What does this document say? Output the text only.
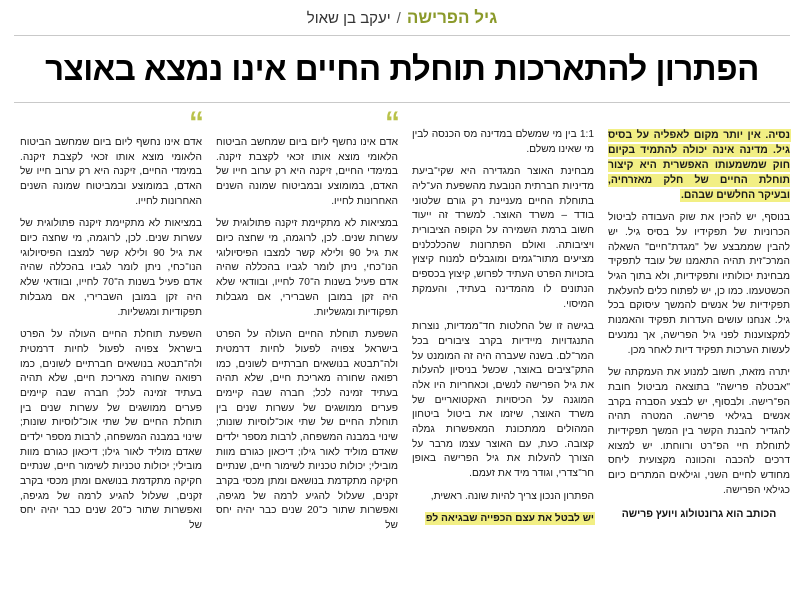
גיל הפרישה
/
יעקב בן שאול
הפתרון להתארכות תוחלת החיים אינו נמצא באוצר

נסיה. אין יותר מקום לאפליה על בסיס גיל. מדינה אינה יכולה להתמיד בקיום חוק שמשמעותו האפשרית היא קיצור תוחלת החיים של חלק מאזרחיה, ובעיקר החלשים שבהם.

בנוסף, יש להכין את שוק העבודה לביטול הכרוניות של תפקידיו על בסיס גיל. יש להבין שממבצע של "מגדת־חיים" השאלה המרכ־זית תהיה התאמנו של עובד לתפקיד מבחינת יכולותיו ותפקידיות, ולא בתוך הגיל הכשטעמו. כמו כן, יש לפתוח כלים להעלאת תפקידיות של אנשים להמשך עיסוקם בכל גיל. אנחנו עושים העדרות תפקיד והאמנות למקצוענות לפני גיל הפרישה, אך נמנעים לעשות הערכות תפקיד דיות לאחר מכן.

יתרה מזאת, חשוב למנוע את העמקתה של "אבטלה פרישה" בתוצאה מביטול חובת הפ־רישה. ולבסוף, יש לבצע הסברה בקרב אנשים בגילאי פרישה. המטרה תהיה להגדיר להבנת הקשר בין המשך תפקידיות לתוחלת חיי הפ־רט ורווחתו. יש למצוא דרכים להכבה והכוונה מקצועית ליחס מחודש לחיים השני, וגילאים המתרים כיום כגילאי הפרישה.

הכותב הוא גרונטולוג ויועץ פרישה

1:1 בין מי שמשלם במדינה מס הכנסה לבין מי שאינו משלם.

מבחינת האוצר המגדירה היא שקי־ביעת מדיניות חברתית הנובעת מהשפעת הע־ליה בתוחלת החיים מעניינת רק גורם שלטוני בודד – משרד האוצר. למשרד זה ייעוד חשוב ברמת השמירה על הקופה הציבורית ויציבותה. ואולם הפתרונות שהכלכלנים מציעים מתור־גמים ומוגבלים למנוח קיצוץ בזכויות הפרט העתיד לפרוש, קיצוץ בכספים הנתונים לו מהמדינה בעתיד, והעמקת המיסוי.

בגישה זו של החלטות חד־ממדיות, נוצרות התנגדויות מיידיות בקרב ציבורים בכל המר־לם. בשנה שעברה היה זה המומנט על התק־ציבים באוצר, שכשל בניסיון להעלות את גיל הפרישה לנשים, וכאחריות היו אלה המוגנה על הכיסויות האקטואריים של משרד האוצר, שיזמו את ביטול ביטחון המהולים ממתכונת המאפשרות גמלה קצובה. כעת, עם האוצר עצמו מרבר על הצורך להעלות את גיל הפרישה באופן חר־צדרי, וגודר מיד את זעמם.

הפתרון הנכון צריך להיות שונה. ראשית,

יש לבטל את עצם הכפייה שבגיאה לפ

“

אדם אינו נחשף ליום ביום שמחשב הביטוח הלאומי מוצא אותו זכאי לקצבת זיקנה. במימדי החיים, זיקנה היא רק ערוב חייו של האדם, במומוצע ובמביטוח שמונה השנים האחרונות לחייו.

במציאות לא מתקיימת זיקנה פתולוגית של עשרות שנים. לכן, לרוגמה, מי שחצה כיום את גיל 90 ולילא קשר למצבו הפיסיולוגי הנו־כחי, ניתן לומר לגביו בהכללה שהיה אדם פעיל בשנות ה־70 לחייו, ובוודאי שלא היה זקן במובן השברירי, אם מגבלות תפקודיות ומגשליות.

השפעת תוחלת החיים העולה על הפרט בישראל צפויה לפעול לחיות דרמטית ולה־תבטא בנושאים חברתיים לשונים, כמו רפואה שחורה מאריכת חיים, שלא תהיה בעתיד זמינה לכל; חברה שבה קיימים פערים ממושגים של עשרות שנים בין תוחלת החיים של שתי אוכ־לוסיות שונות; שינוי במבנה המשפחה, לרבות מספר ילדים שאדם מוליד לאור גילו; דיכאון כגורם מוות מובילי; יכולות טכניות לשימור חיים, שנתיים חקיקה מתקדמת בנושאם ומתן מכסי בקרב זקנים, שעלול להגיע לרמה של מגיפה, ואפשרות שתור כ־20 שנים כבר יהיה יחס של

“

אדם אינו נחשף ליום ביום שמחשב הביטוח הלאומי מוצא אותו זכאי לקצבת זיקנה. במימדי החיים, זיקנה היא רק ערוב חייו של האדם, במומוצע ובמביטוח שמונה השנים האחרונות לחייו.

במציאות לא מתקיימת זיקנה פתולוגית של עשרות שנים. לכן, לרוגמה, מי שחצה כיום את גיל 90 ולילא קשר למצבו הפיסיולוגי הנו־כחי, ניתן לומר לגביו בהכללה שהיה אדם פעיל בשנות ה־70 לחייו, ובוודאי שלא היה זקן במובן השברירי, אם מגבלות תפקודיות ומגשליות.

השפעת תוחלת החיים העולה על הפרט בישראל צפויה לפעול לחיות דרמטית ולה־תבטא בנושאים חברתיים לשונים, כמו רפואה שחורה מאריכת חיים, שלא תהיה בעתיד זמינה לכל; חברה שבה קיימים פערים ממושגים של עשרות שנים בין תוחלת החיים של שתי אוכ־לוסיות שונות; שינוי במבנה המשפחה, לרבות מספר ילדים שאדם מוליד לאור גילו; דיכאון כגורם מוות מובילי; יכולות טכניות לשימור חיים, שנתיים חקיקה מתקדמת בנושאם ומתן מכסי בקרב זקנים, שעלול להגיע לרמה של מגיפה, ואפשרות שתור כ־20 שנים כבר יהיה יחס של
